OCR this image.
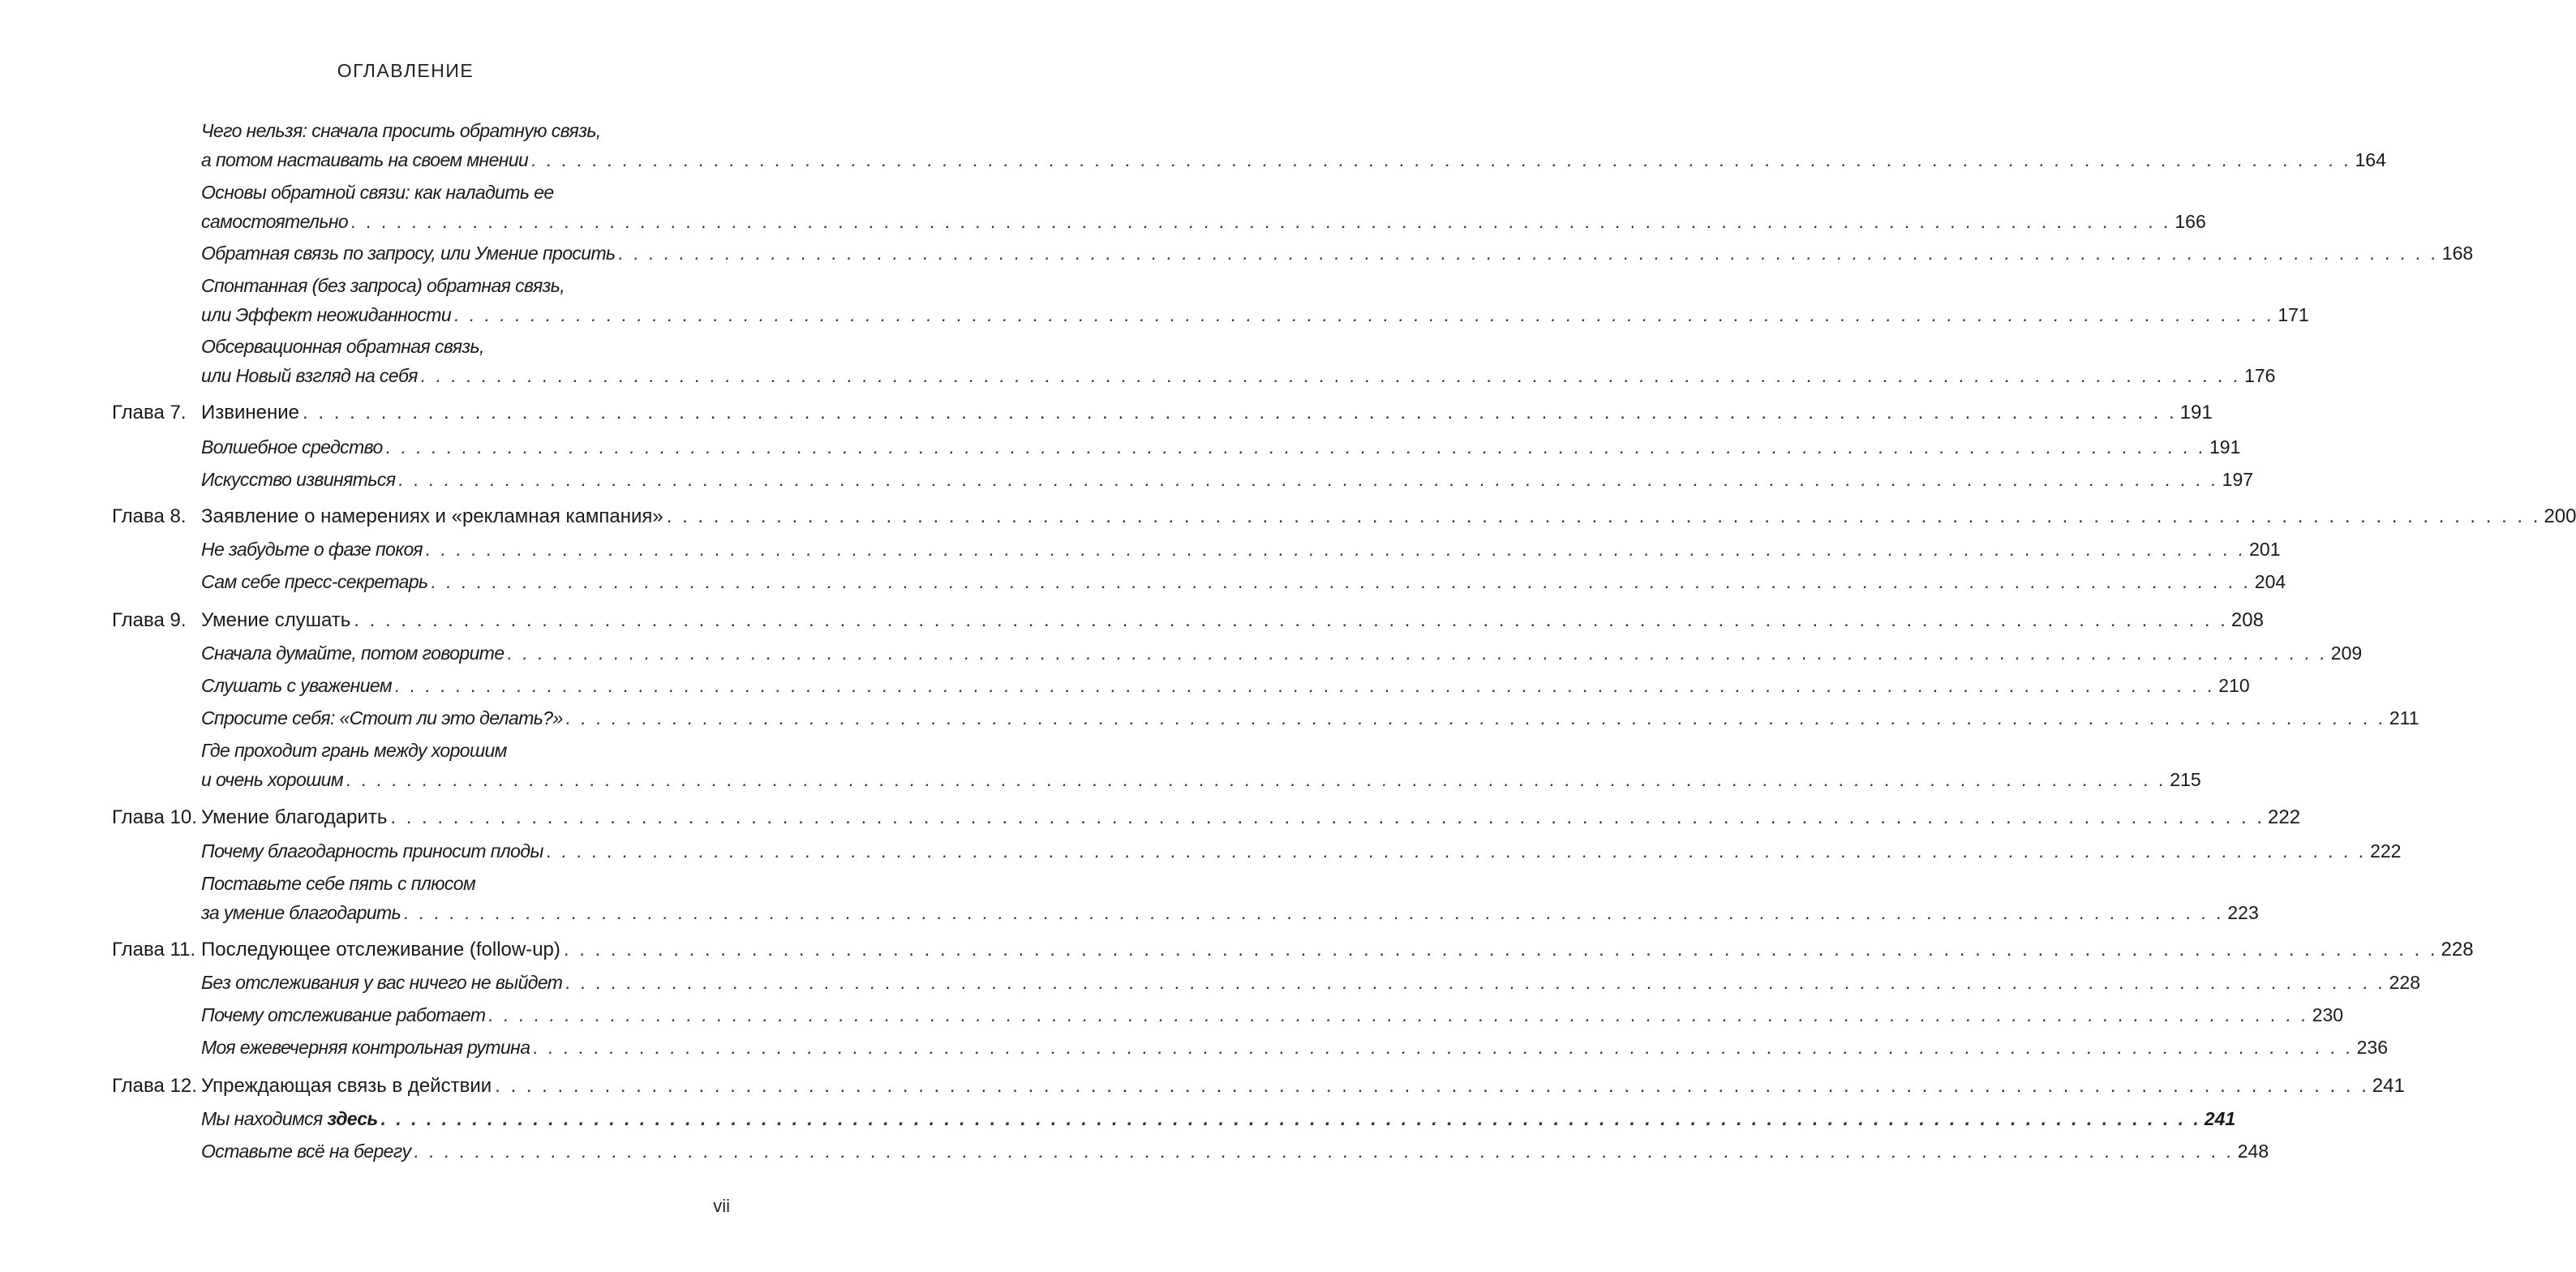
ОГЛАВЛЕНИЕ
Чего нельзя: сначала просить обратную связь,
а потом настаивать на своем мнении . . . . . . . . . . . . . . . . . . . . . . . . . . . . . . . . . . . . . . . . . . . . . . . . . . . . . . . . . . . . . . . . . . . . . . . . . . . . . . . . . . . . . . . . . . . . . . . . . . . . . . . . . . . . . . . . . . . . . . . . 164
Основы обратной связи: как наладить ее
самостоятельно . . . . . . . . . . . . . . . . . . . . . . . . . . . . . . . . . . . . . . . . . . . . . . . . . . . . . . . . . . . . . . . . . . . . . . . . . . . . . . . . . . . . . . . . . . . . . . . . . . . . . . . . . . . . . . . . . . . . . . . . 166
Обратная связь по запросу, или Умение просить . . . . . . . . . . . . . . . . . . . . . . . . . . . . . . . . . . . . . . . . . . . . . . . . . . . . . . . . . . . . . . . . . . . . . . . . . . . . . . . . . . . . . . . . . . . . . . . . . . . . . . . . . . . . . . . . . . . . . . . . 168
Спонтанная (без запроса) обратная связь,
или Эффект неожиданности . . . . . . . . . . . . . . . . . . . . . . . . . . . . . . . . . . . . . . . . . . . . . . . . . . . . . . . . . . . . . . . . . . . . . . . . . . . . . . . . . . . . . . . . . . . . . . . . . . . . . . . . . . . . . . . . . . . . . . . . 171
Обсервационная обратная связь,
или Новый взгляд на себя . . . . . . . . . . . . . . . . . . . . . . . . . . . . . . . . . . . . . . . . . . . . . . . . . . . . . . . . . . . . . . . . . . . . . . . . . . . . . . . . . . . . . . . . . . . . . . . . . . . . . . . . . . . . . . . . . . . . . . . . 176
Глава 7. Извинение . . . . . . . . . . . . . . . . . . . . . . . . . . . . . . . . . . . . . . . . . . . . . . . . . . . . . . . . . . . . . . . . . . . . . . . . . . . . . . . . . . . . . . . . . . . . . . . . . . . . . . . . . . . . . . . . . . . . . . . . 191
Волшебное средство . . . . . . . . . . . . . . . . . . . . . . . . . . . . . . . . . . . . . . . . . . . . . . . . . . . . . . . . . . . . . . . . . . . . . . . . . . . . . . . . . . . . . . . . . . . . . . . . . . . . . . . . . . . . . . . . . . . . . . . . 191
Искусство извиняться . . . . . . . . . . . . . . . . . . . . . . . . . . . . . . . . . . . . . . . . . . . . . . . . . . . . . . . . . . . . . . . . . . . . . . . . . . . . . . . . . . . . . . . . . . . . . . . . . . . . . . . . . . . . . . . . . . . . . . . . 197
Глава 8. Заявление о намерениях и «рекламная кампания» . . . . . . . . . . . . . . . . . . . . . . . . . . . . . . . . . . . . . . . . . . . . . . . . . . . . . . . . . . . . . . . . . . . . . . . . . . . . . . . . . . . . . . . . . . . . . . . . . . . . . . . . . . . . . . . . . . . . . . . . 200
Не забудьте о фазе покоя . . . . . . . . . . . . . . . . . . . . . . . . . . . . . . . . . . . . . . . . . . . . . . . . . . . . . . . . . . . . . . . . . . . . . . . . . . . . . . . . . . . . . . . . . . . . . . . . . . . . . . . . . . . . . . . . . . . . . . . . 201
Сам себе пресс-секретарь . . . . . . . . . . . . . . . . . . . . . . . . . . . . . . . . . . . . . . . . . . . . . . . . . . . . . . . . . . . . . . . . . . . . . . . . . . . . . . . . . . . . . . . . . . . . . . . . . . . . . . . . . . . . . . . . . . . . . . . . 204
Глава 9. Умение слушать . . . . . . . . . . . . . . . . . . . . . . . . . . . . . . . . . . . . . . . . . . . . . . . . . . . . . . . . . . . . . . . . . . . . . . . . . . . . . . . . . . . . . . . . . . . . . . . . . . . . . . . . . . . . . . . . . . . . . . . . 208
Сначала думайте, потом говорите . . . . . . . . . . . . . . . . . . . . . . . . . . . . . . . . . . . . . . . . . . . . . . . . . . . . . . . . . . . . . . . . . . . . . . . . . . . . . . . . . . . . . . . . . . . . . . . . . . . . . . . . . . . . . . . . . . . . . . . . 209
Слушать с уважением . . . . . . . . . . . . . . . . . . . . . . . . . . . . . . . . . . . . . . . . . . . . . . . . . . . . . . . . . . . . . . . . . . . . . . . . . . . . . . . . . . . . . . . . . . . . . . . . . . . . . . . . . . . . . . . . . . . . . . . . 210
Спросите себя: «Стоит ли это делать?» . . . . . . . . . . . . . . . . . . . . . . . . . . . . . . . . . . . . . . . . . . . . . . . . . . . . . . . . . . . . . . . . . . . . . . . . . . . . . . . . . . . . . . . . . . . . . . . . . . . . . . . . . . . . . . . . . . . . . . . . 211
Где проходит грань между хорошим
и очень хорошим . . . . . . . . . . . . . . . . . . . . . . . . . . . . . . . . . . . . . . . . . . . . . . . . . . . . . . . . . . . . . . . . . . . . . . . . . . . . . . . . . . . . . . . . . . . . . . . . . . . . . . . . . . . . . . . . . . . . . . . . 215
Глава 10. Умение благодарить . . . . . . . . . . . . . . . . . . . . . . . . . . . . . . . . . . . . . . . . . . . . . . . . . . . . . . . . . . . . . . . . . . . . . . . . . . . . . . . . . . . . . . . . . . . . . . . . . . . . . . . . . . . . . . . . . . . . . . . . 222
Почему благодарность приносит плоды . . . . . . . . . . . . . . . . . . . . . . . . . . . . . . . . . . . . . . . . . . . . . . . . . . . . . . . . . . . . . . . . . . . . . . . . . . . . . . . . . . . . . . . . . . . . . . . . . . . . . . . . . . . . . . . . . . . . . . . . 222
Поставьте себе пять с плюсом
за умение благодарить . . . . . . . . . . . . . . . . . . . . . . . . . . . . . . . . . . . . . . . . . . . . . . . . . . . . . . . . . . . . . . . . . . . . . . . . . . . . . . . . . . . . . . . . . . . . . . . . . . . . . . . . . . . . . . . . . . . . . . . . 223
Глава 11. Последующее отслеживание (follow-up) . . . . . . . . . . . . . . . . . . . . . . . . . . . . . . . . . . . . . . . . . . . . . . . . . . . . . . . . . . . . . . . . . . . . . . . . . . . . . . . . . . . . . . . . . . . . . . . . . . . . . . . . . . . . . . . . . . . . . . . . 228
Без отслеживания у вас ничего не выйдет . . . . . . . . . . . . . . . . . . . . . . . . . . . . . . . . . . . . . . . . . . . . . . . . . . . . . . . . . . . . . . . . . . . . . . . . . . . . . . . . . . . . . . . . . . . . . . . . . . . . . . . . . . . . . . . . . . . . . . . . 228
Почему отслеживание работает . . . . . . . . . . . . . . . . . . . . . . . . . . . . . . . . . . . . . . . . . . . . . . . . . . . . . . . . . . . . . . . . . . . . . . . . . . . . . . . . . . . . . . . . . . . . . . . . . . . . . . . . . . . . . . . . . . . . . . . . 230
Моя ежевечерняя контрольная рутина . . . . . . . . . . . . . . . . . . . . . . . . . . . . . . . . . . . . . . . . . . . . . . . . . . . . . . . . . . . . . . . . . . . . . . . . . . . . . . . . . . . . . . . . . . . . . . . . . . . . . . . . . . . . . . . . . . . . . . . . 236
Глава 12. Упреждающая связь в действии . . . . . . . . . . . . . . . . . . . . . . . . . . . . . . . . . . . . . . . . . . . . . . . . . . . . . . . . . . . . . . . . . . . . . . . . . . . . . . . . . . . . . . . . . . . . . . . . . . . . . . . . . . . . . . . . . . . . . . . . 241
Мы находимся здесь . . . . . . . . . . . . . . . . . . . . . . . . . . . . . . . . . . . . . . . . . . . . . . . . . . . . . . . . . . . . . . . . . . . . . . . . . . . . . . . . . . . . . . . . . . . . . . . . . . . . . . . . . . . . . . . . . . . . . . . . 241
Оставьте всё на берегу . . . . . . . . . . . . . . . . . . . . . . . . . . . . . . . . . . . . . . . . . . . . . . . . . . . . . . . . . . . . . . . . . . . . . . . . . . . . . . . . . . . . . . . . . . . . . . . . . . . . . . . . . . . . . . . . . . . . . . . . 248
vii
